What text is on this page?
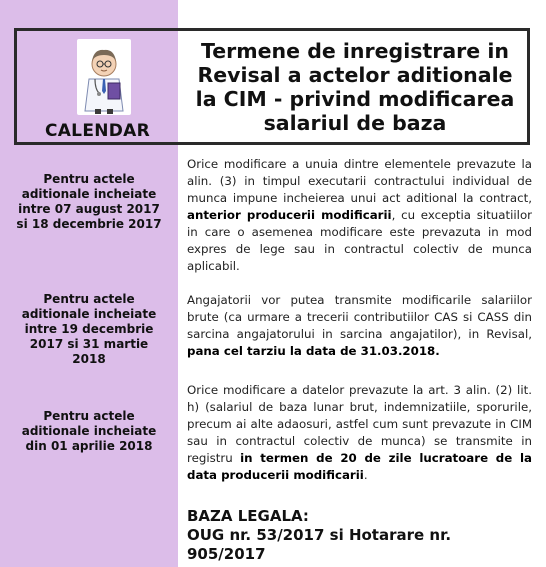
CALENDAR
Termene de inregistrare in Revisal a actelor aditionale la CIM - privind modificarea salariul de baza
Pentru actele aditionale incheiate intre 07 august 2017 si 18 decembrie 2017
Orice modificare a unuia dintre elementele prevazute la alin. (3) in timpul executarii contractului individual de munca impune incheierea unui act aditional la contract, anterior producerii modificarii, cu exceptia situatiilor in care o asemenea modificare este prevazuta in mod expres de lege sau in contractul colectiv de munca aplicabil.
Pentru actele aditionale incheiate intre 19 decembrie 2017 si 31 martie 2018
Angajatorii vor putea transmite modificarile salariilor brute (ca urmare a trecerii contributiilor CAS si CASS din sarcina angajatorului in sarcina angajatilor), in Revisal, pana cel tarziu la data de 31.03.2018.
Pentru actele aditionale incheiate din 01 aprilie 2018
Orice modificare a datelor prevazute la art. 3 alin. (2) lit. h) (salariul de baza lunar brut, indemnizatiile, sporurile, precum ai alte adaosuri, astfel cum sunt prevazute in CIM sau in contractul colectiv de munca) se transmite in registru in termen de 20 de zile lucratoare de la data producerii modificarii.
BAZA LEGALA:
OUG nr. 53/2017 si Hotarare nr. 905/2017
